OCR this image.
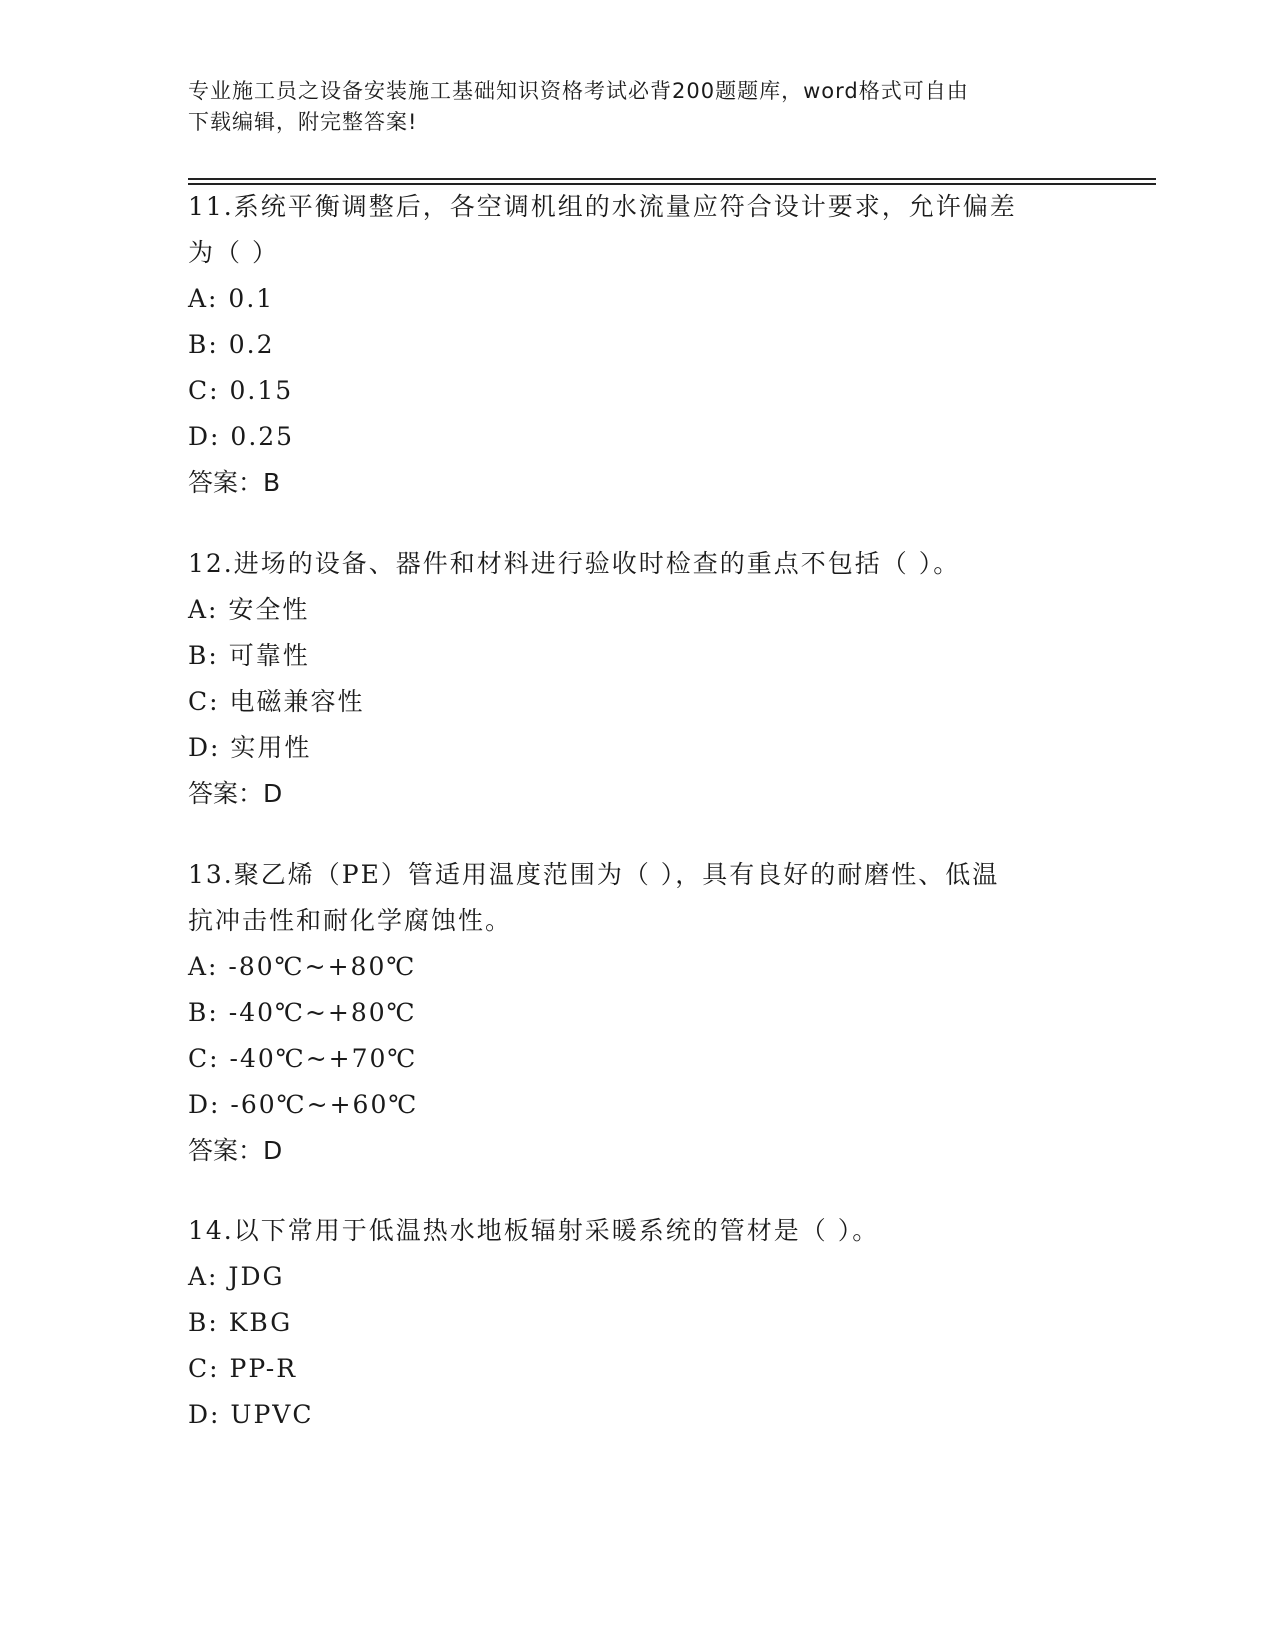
专业施工员之设备安装施工基础知识资格考试必背200题题库，word格式可自由
下载编辑，附完整答案!
11.系统平衡调整后，各空调机组的水流量应符合设计要求，允许偏差
为（ ）
A: 0.1
B: 0.2
C: 0.15
D: 0.25
答案：B
12.进场的设备、器件和材料进行验收时检查的重点不包括（ ）。
A: 安全性
B: 可靠性
C: 电磁兼容性
D: 实用性
答案：D
13.聚乙烯（PE）管适用温度范围为（ ），具有良好的耐磨性、低温
抗冲击性和耐化学腐蚀性。
A: -80℃~+80℃
B: -40℃~+80℃
C: -40℃~+70℃
D: -60℃~+60℃
答案：D
14.以下常用于低温热水地板辐射采暖系统的管材是（ ）。
A: JDG
B: KBG
C: PP-R
D: UPVC
